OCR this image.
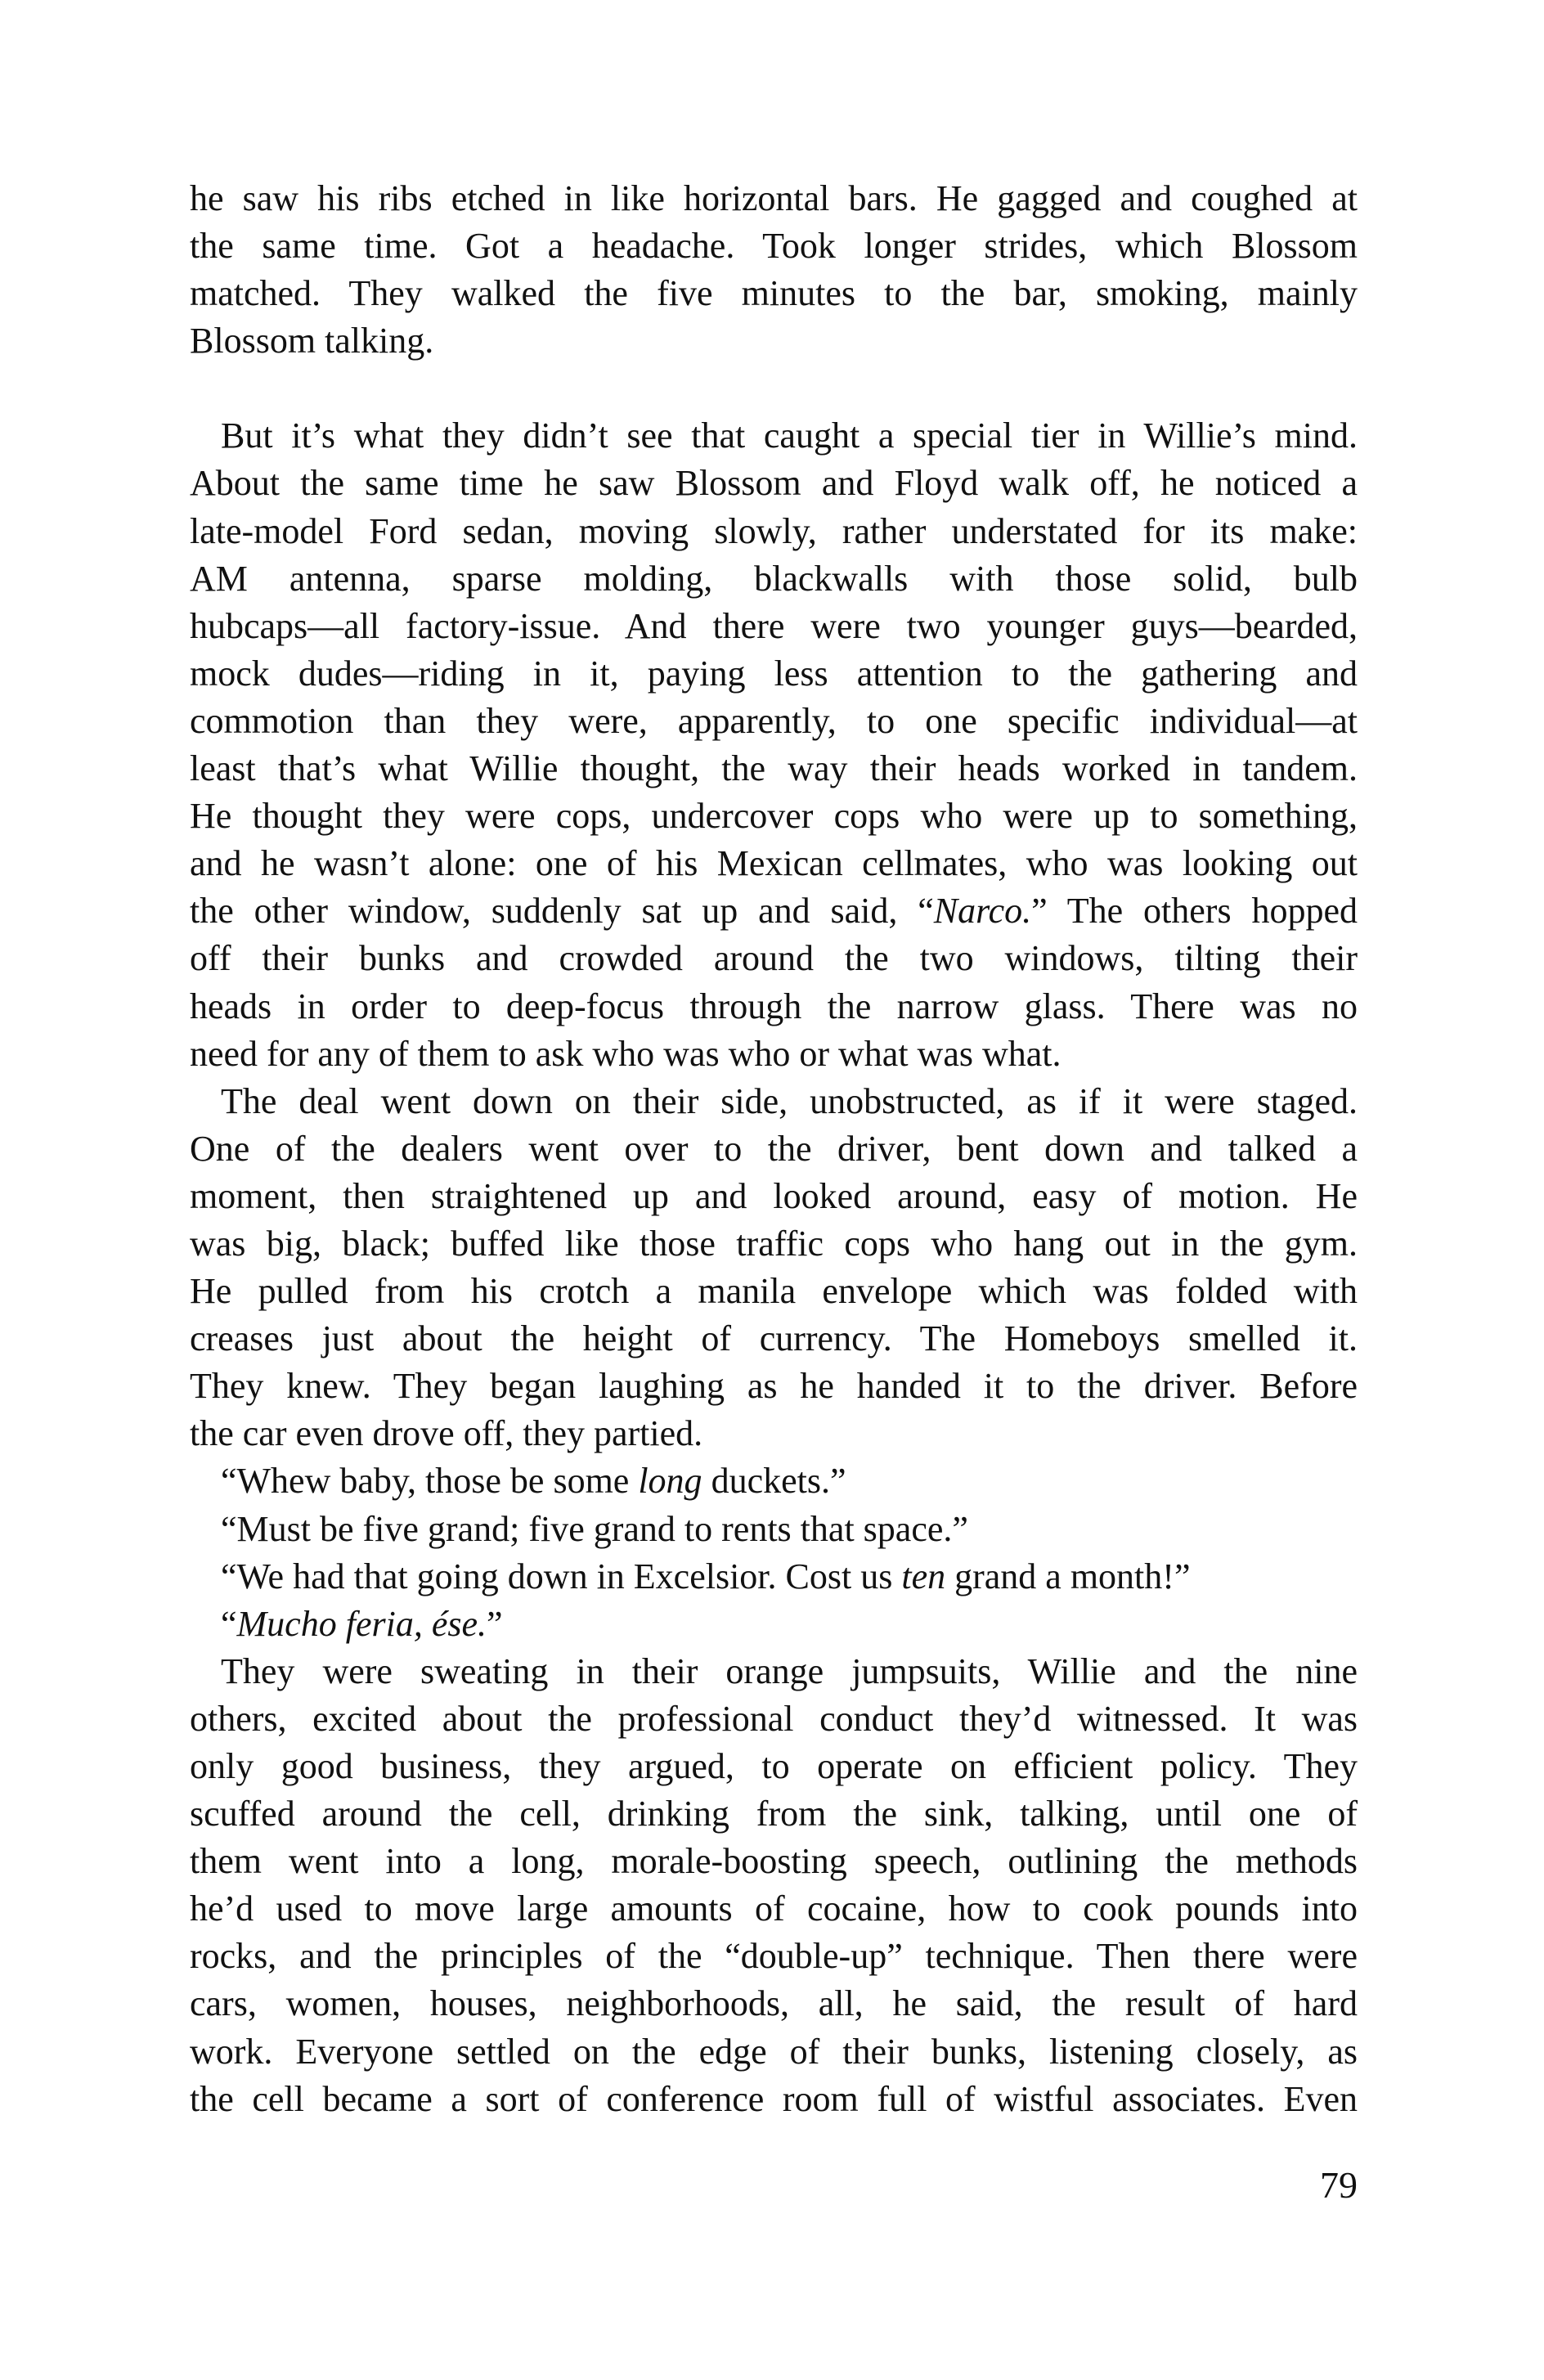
he saw his ribs etched in like horizontal bars. He gagged and coughed at
the same time. Got a headache. Took longer strides, which Blossom
matched. They walked the five minutes to the bar, smoking, mainly
Blossom talking.
But it’s what they didn’t see that caught a special tier in Willie’s mind.
About the same time he saw Blossom and Floyd walk off, he noticed a
late-model Ford sedan, moving slowly, rather understated for its make:
AM antenna, sparse molding, blackwalls with those solid, bulb
hubcaps—all factory-issue. And there were two younger guys—bearded,
mock dudes—riding in it, paying less attention to the gathering and
commotion than they were, apparently, to one specific individual—at
least that’s what Willie thought, the way their heads worked in tandem.
He thought they were cops, undercover cops who were up to something,
and he wasn’t alone: one of his Mexican cellmates, who was looking out
the other window, suddenly sat up and said, “Narco.” The others hopped
off their bunks and crowded around the two windows, tilting their
heads in order to deep-focus through the narrow glass. There was no
need for any of them to ask who was who or what was what.
The deal went down on their side, unobstructed, as if it were staged.
One of the dealers went over to the driver, bent down and talked a
moment, then straightened up and looked around, easy of motion. He
was big, black; buffed like those traffic cops who hang out in the gym.
He pulled from his crotch a manila envelope which was folded with
creases just about the height of currency. The Homeboys smelled it.
They knew. They began laughing as he handed it to the driver. Before
the car even drove off, they partied.
“Whew baby, those be some long duckets.”
“Must be five grand; five grand to rents that space.”
“We had that going down in Excelsior. Cost us ten grand a month!”
“Mucho feria, ése.”
They were sweating in their orange jumpsuits, Willie and the nine
others, excited about the professional conduct they’d witnessed. It was
only good business, they argued, to operate on efficient policy. They
scuffed around the cell, drinking from the sink, talking, until one of
them went into a long, morale-boosting speech, outlining the methods
he’d used to move large amounts of cocaine, how to cook pounds into
rocks, and the principles of the “double-up” technique. Then there were
cars, women, houses, neighborhoods, all, he said, the result of hard
work. Everyone settled on the edge of their bunks, listening closely, as
the cell became a sort of conference room full of wistful associates. Even
79
